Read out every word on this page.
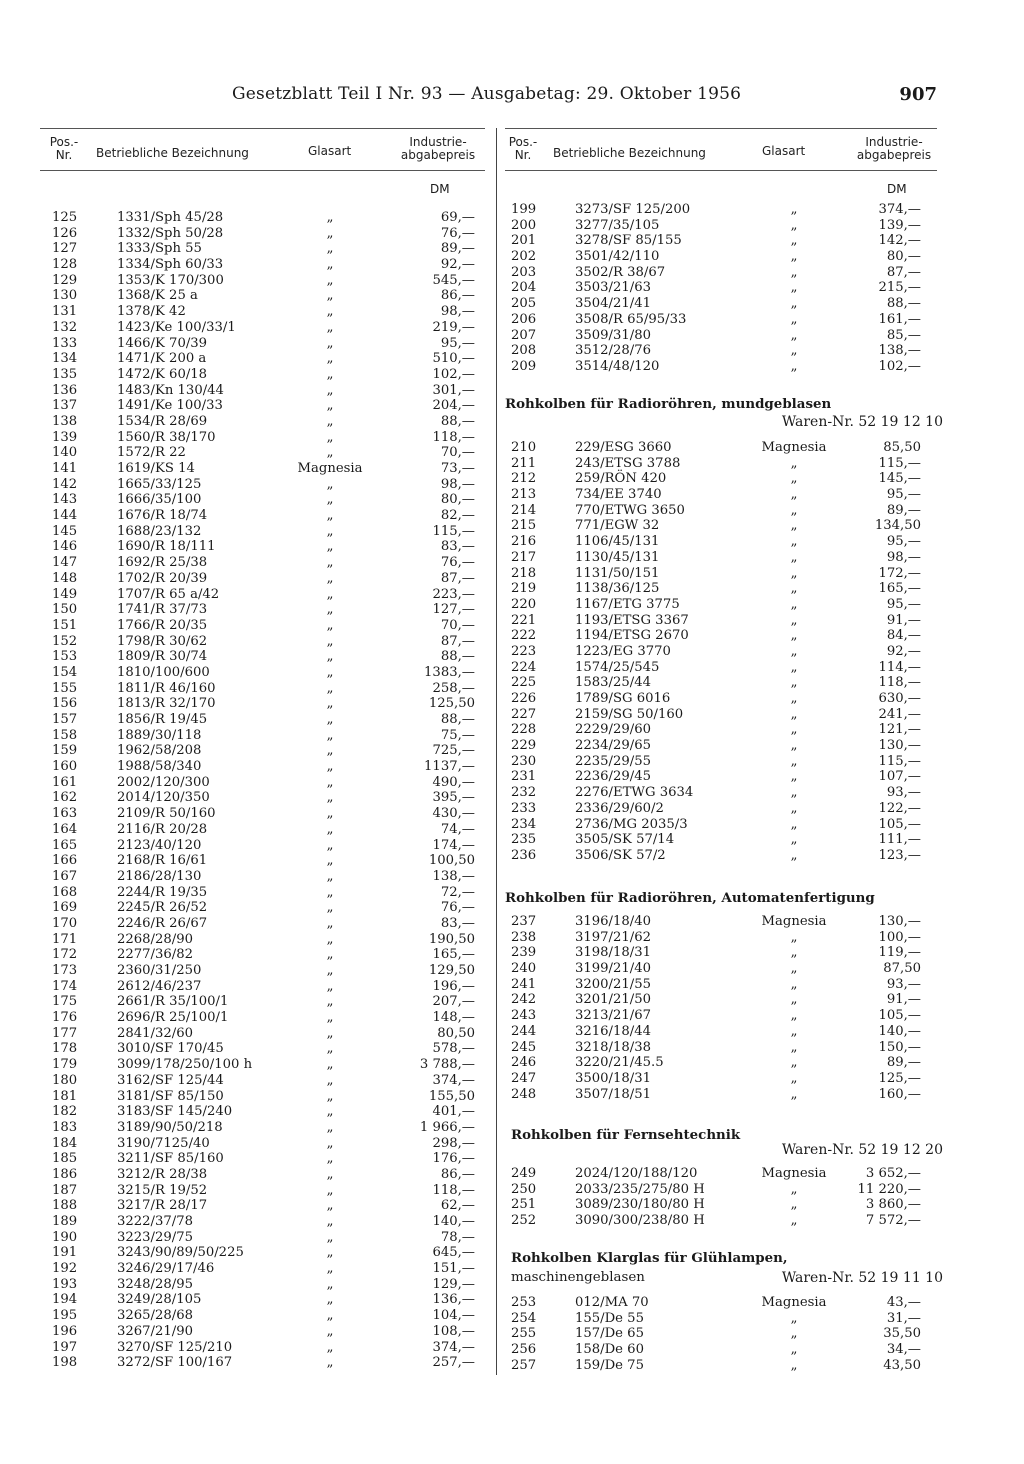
Gesetzblatt Teil I Nr. 93 — Ausgabetag: 29. Oktober 1956	907
Pos.-
Nr.	Betriebliche Bezeichnung	Glasart
Industrie-
abgabepreis
DM
125	1331/Sph 45/28	„	69,—
126	1332/Sph 50/28	„	76,—
127	1333/Sph 55	„	89,—
128	1334/Sph 60/33	„	92,—
129	1353/K 170/300	„	545,—
130	1368/K 25 a	„	86,—
131	1378/K 42	„	98,—
132	1423/Ke 100/33/1	„	219,—
133	1466/K 70/39	„	95,—
134	1471/K 200 a	„	510,—
135	1472/K 60/18	„	102,—
136	1483/Kn 130/44	„	301,—
137	1491/Ke 100/33	„	204,—
138	1534/R 28/69	„	88,—
139	1560/R 38/170	„	118,—
140	1572/R 22	„	70,—
141	1619/KS 14	Magnesia	73,—
142	1665/33/125	„	98,—
143	1666/35/100	„	80,—
144	1676/R 18/74	„	82,—
145	1688/23/132	„	115,—
146	1690/R 18/111	„	83,—
147	1692/R 25/38	„	76,—
148	1702/R 20/39	„	87,—
149	1707/R 65 a/42	„	223,—
150	1741/R 37/73	„	127,—
151	1766/R 20/35	„	70,—
152	1798/R 30/62	„	87,—
153	1809/R 30/74	„	88,—
154	1810/100/600	„	1383,—
155	1811/R 46/160	„	258,—
156	1813/R 32/170	„	125,50
157	1856/R 19/45	„	88,—
158	1889/30/118	„	75,—
159	1962/58/208	„	725,—
160	1988/58/340	„	1137,—
161	2002/120/300	„	490,—
162	2014/120/350	„	395,—
163	2109/R 50/160	„	430,—
164	2116/R 20/28	„	74,—
165	2123/40/120	„	174,—
166	2168/R 16/61	„	100,50
167	2186/28/130	„	138,—
168	2244/R 19/35	„	72,—
169	2245/R 26/52	„	76,—
170	2246/R 26/67	„	83,—
171	2268/28/90	„	190,50
172	2277/36/82	„	165,—
173	2360/31/250	„	129,50
174	2612/46/237	„	196,—
175	2661/R 35/100/1	„	207,—
176	2696/R 25/100/1	„	148,—
177	2841/32/60	„	80,50
178	3010/SF 170/45	„	578,—
179	3099/178/250/100 h	„	3 788,—
180	3162/SF 125/44	„	374,—
181	3181/SF 85/150	„	155,50
182	3183/SF 145/240	„	401,—
183	3189/90/50/218	„	1 966,—
184	3190/7125/40	„	298,—
185	3211/SF 85/160	„	176,—
186	3212/R 28/38	„	86,—
187	3215/R 19/52	„	118,—
188	3217/R 28/17	„	62,—
189	3222/37/78	„	140,—
190	3223/29/75	„	78,—
191	3243/90/89/50/225	„	645,—
192	3246/29/17/46	„	151,—
193	3248/28/95	„	129,—
194	3249/28/105	„	136,—
195	3265/28/68	„	104,—
196	3267/21/90	„	108,—
197	3270/SF 125/210	„	374,—
198	3272/SF 100/167	„	257,—
Pos.-
Nr.	Betriebliche Bezeichnung	Glasart
Industrie-
abgabepreis
DM
199	3273/SF 125/200	„	374,—
200	3277/35/105	„	139,—
201	3278/SF 85/155	„	142,—
202	3501/42/110	„	80,—
203	3502/R 38/67	„	87,—
204	3503/21/63	„	215,—
205	3504/21/41	„	88,—
206	3508/R 65/95/33	„	161,—
207	3509/31/80	„	85,—
208	3512/28/76	„	138,—
209	3514/48/120	„	102,—
Rohkolben für Radioröhren, mundgeblasen
Waren-Nr. 52 19 12 10
210	229/ESG 3660	Magnesia	85,50
211	243/ETSG 3788	„	115,—
212	259/RÖN 420	„	145,—
213	734/EE 3740	„	95,—
214	770/ETWG 3650	„	89,—
215	771/EGW 32	„	134,50
216	1106/45/131	„	95,—
217	1130/45/131	„	98,—
218	1131/50/151	„	172,—
219	1138/36/125	„	165,—
220	1167/ETG 3775	„	95,—
221	1193/ETSG 3367	„	91,—
222	1194/ETSG 2670	„	84,—
223	1223/EG 3770	„	92,—
224	1574/25/545	„	114,—
225	1583/25/44	„	118,—
226	1789/SG 6016	„	630,—
227	2159/SG 50/160	„	241,—
228	2229/29/60	„	121,—
229	2234/29/65	„	130,—
230	2235/29/55	„	115,—
231	2236/29/45	„	107,—
232	2276/ETWG 3634	„	93,—
233	2336/29/60/2	„	122,—
234	2736/MG 2035/3	„	105,—
235	3505/SK 57/14	„	111,—
236	3506/SK 57/2	„	123,—
Rohkolben für Radioröhren, Automatenfertigung
237	3196/18/40	Magnesia	130,—
238	3197/21/62	„	100,—
239	3198/18/31	„	119,—
240	3199/21/40	„	87,50
241	3200/21/55	„	93,—
242	3201/21/50	„	91,—
243	3213/21/67	„	105,—
244	3216/18/44	„	140,—
245	3218/18/38	„	150,—
246	3220/21/45.5	„	89,—
247	3500/18/31	„	125,—
248	3507/18/51	„	160,—
Rohkolben für Fernsehtechnik
Waren-Nr. 52 19 12 20
249	2024/120/188/120	Magnesia	3 652,—
250	2033/235/275/80 H	„	11 220,—
251	3089/230/180/80 H	„	3 860,—
252	3090/300/238/80 H	„	7 572,—
Rohkolben Klarglas für Glühlampen,
maschinengeblasen	Waren-Nr. 52 19 11 10
253	012/MA 70	Magnesia	43,—
254	155/De 55	„	31,—
255	157/De 65	„	35,50
256	158/De 60	„	34,—
257	159/De 75	„	43,50
